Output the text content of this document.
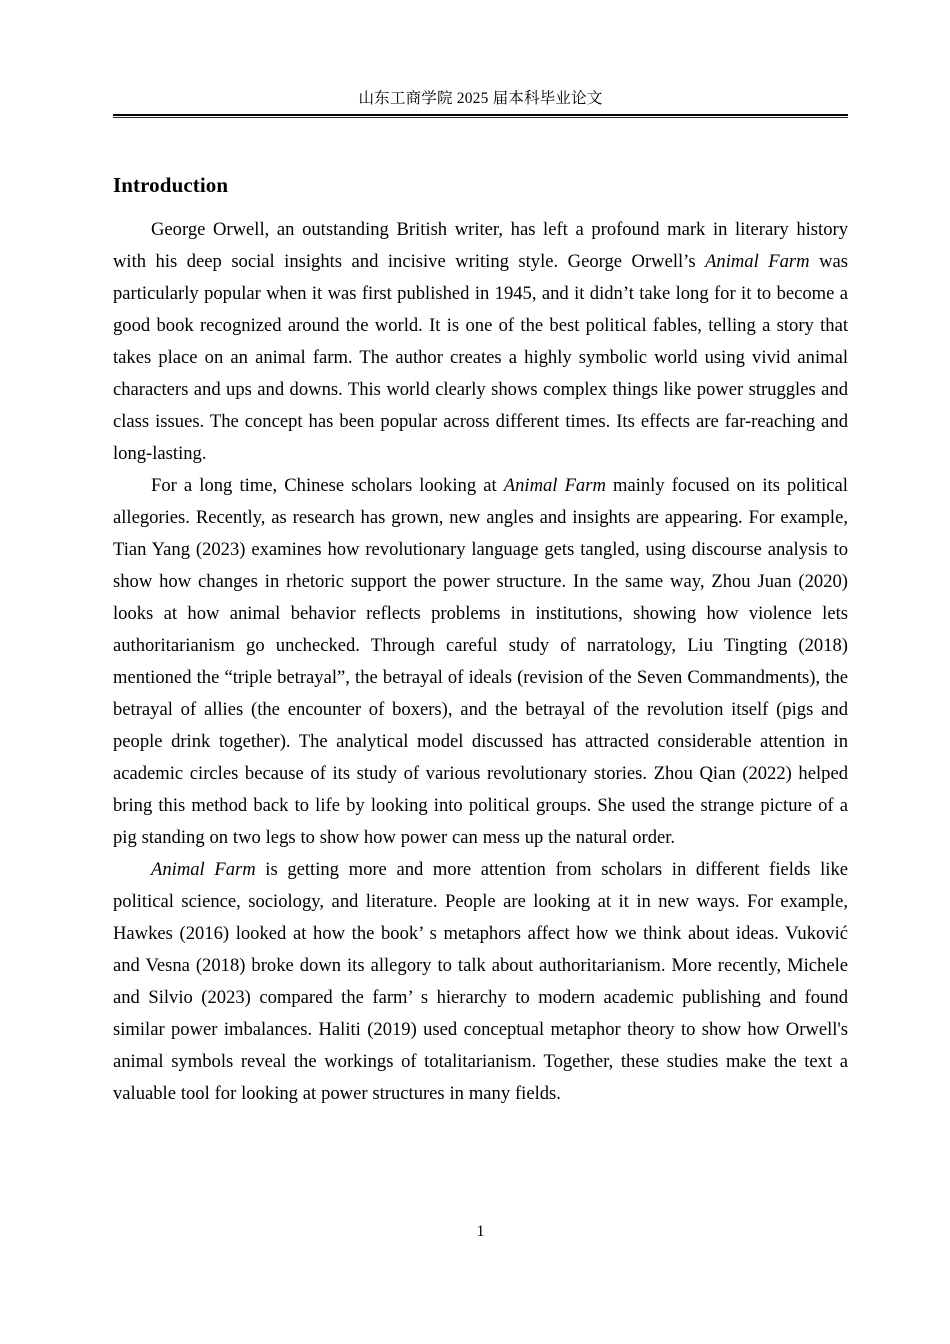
山东工商学院 2025 届本科毕业论文
Introduction

George Orwell, an outstanding British writer, has left a profound mark in literary history with his deep social insights and incisive writing style. George Orwell’s Animal Farm was particularly popular when it was first published in 1945, and it didn’t take long for it to become a good book recognized around the world. It is one of the best political fables, telling a story that takes place on an animal farm. The author creates a highly symbolic world using vivid animal characters and ups and downs. This world clearly shows complex things like power struggles and class issues. The concept has been popular across different times. Its effects are far-reaching and long-lasting.

For a long time, Chinese scholars looking at Animal Farm mainly focused on its political allegories. Recently, as research has grown, new angles and insights are appearing. For example, Tian Yang (2023) examines how revolutionary language gets tangled, using discourse analysis to show how changes in rhetoric support the power structure. In the same way, Zhou Juan (2020) looks at how animal behavior reflects problems in institutions, showing how violence lets authoritarianism go unchecked. Through careful study of narratology, Liu Tingting (2018) mentioned the “triple betrayal”, the betrayal of ideals (revision of the Seven Commandments), the betrayal of allies (the encounter of boxers), and the betrayal of the revolution itself (pigs and people drink together). The analytical model discussed has attracted considerable attention in academic circles because of its study of various revolutionary stories. Zhou Qian (2022) helped bring this method back to life by looking into political groups. She used the strange picture of a pig standing on two legs to show how power can mess up the natural order.

Animal Farm is getting more and more attention from scholars in different fields like political science, sociology, and literature. People are looking at it in new ways. For example, Hawkes (2016) looked at how the book’ s metaphors affect how we think about ideas. Vuković and Vesna (2018) broke down its allegory to talk about authoritarianism. More recently, Michele and Silvio (2023) compared the farm’ s hierarchy to modern academic publishing and found similar power imbalances. Haliti (2019) used conceptual metaphor theory to show how Orwell's animal symbols reveal the workings of totalitarianism. Together, these studies make the text a valuable tool for looking at power structures in many fields.

1
